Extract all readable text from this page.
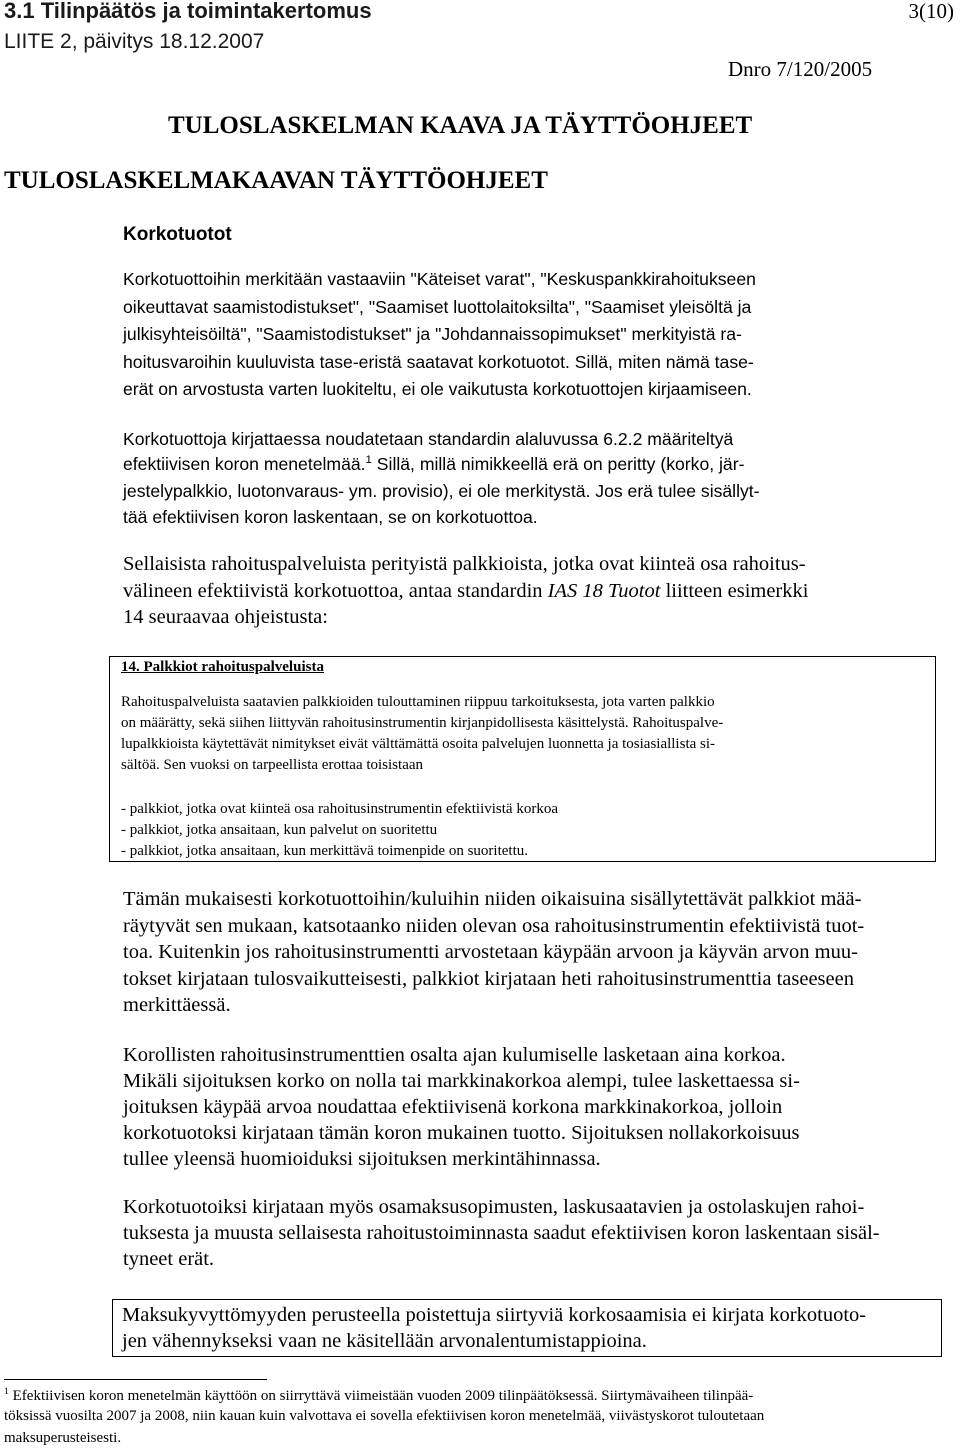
3.1 Tilinpäätös ja toimintakertomus
LIITE 2, päivitys 18.12.2007
3(10)
Dnro 7/120/2005
TULOSLASKELMAN KAAVA JA TÄYTTÖOHJEET
TULOSLASKELMAKAAVAN TÄYTTÖOHJEET
Korkotuotot
Korkotuottoihin merkitään vastaaviin "Käteiset varat", "Keskuspankkirahoitukseen
oikeuttavat saamistodistukset", "Saamiset luottolaitoksilta", "Saamiset yleisöltä ja
julkisyhteisöiltä", "Saamistodistukset" ja "Johdannaissopimukset" merkityistä ra-
hoitusvaroihin kuuluvista tase-eristä saatavat korkotuotot. Sillä, miten nämä tase-
erät on arvostusta varten luokiteltu, ei ole vaikutusta korkotuottojen kirjaamiseen.
Korkotuottoja kirjattaessa noudatetaan standardin alaluvussa 6.2.2 määriteltyä
efektiivisen koron menetelmää.$^1$ Sillä, millä nimikkeellä erä on peritty (korko, jär-
jestelypalkkio, luotonvaraus- ym. provisio), ei ole merkitystä. Jos erä tulee sisällyt-
tää efektiivisen koron laskentaan, se on korkotuottoa.
Sellaisista rahoituspalveluista perityistä palkkioista, jotka ovat kiinteä osa rahoitus-
välineen efektiivistä korkotuottoa, antaa standardin IAS 18 Tuotot liitteen esimerkki
14 seuraavaa ohjeistusta:
14. Palkkiot rahoituspalveluista
Rahoituspalveluista saatavien palkkioiden tulouttaminen riippuu tarkoituksesta, jota varten palkkio
on määrätty, sekä siihen liittyvän rahoitusinstrumentin kirjanpidollisesta käsittelystä. Rahoituspalve-
lupalkkioista käytettävät nimitykset eivät välttämättä osoita palvelujen luonnetta ja tosiasiallista si-
sältöä. Sen vuoksi on tarpeellista erottaa toisistaan
- palkkiot, jotka ovat kiinteä osa rahoitusinstrumentin efektiivistä korkoa
- palkkiot, jotka ansaitaan, kun palvelut on suoritettu
- palkkiot, jotka ansaitaan, kun merkittävä toimenpide on suoritettu.
Tämän mukaisesti korkotuottoihin/kuluihin niiden oikaisuina sisällytettävät palkkiot mää-
räytyvät sen mukaan, katsotaanko niiden olevan osa rahoitusinstrumentin efektiivistä tuot-
toa. Kuitenkin jos rahoitusinstrumentti arvostetaan käypään arvoon ja käyvän arvon muu-
tokset kirjataan tulosvaikutteisesti, palkkiot kirjataan heti rahoitusinstrumenttia taseeseen
merkittäessä.
Korollisten rahoitusinstrumenttien osalta ajan kulumiselle lasketaan aina korkoa.
Mikäli sijoituksen korko on nolla tai markkinakorkoa alempi, tulee laskettaessa si-
joituksen käypää arvoa noudattaa efektiivisenä korkona markkinakorkoa, jolloin
korkotuotoksi kirjataan tämän koron mukainen tuotto. Sijoituksen nollakorkoisuus
tullee yleensä huomioiduksi sijoituksen merkintähinnassa.
Korkotuotoiksi kirjataan myös osamaksusopimusten, laskusaatavien ja ostolaskujen rahoi-
tuksesta ja muusta sellaisesta rahoitustoiminnasta saadut efektiivisen koron laskentaan sisäl-
tyneet erät.
Maksukyvyttömyyden perusteella poistettuja siirtyviä korkosaamisia ei kirjata korkotuoto-
jen vähennykseksi vaan ne käsitellään arvonalentumistappioina.
$^1$ Efektiivisen koron menetelmän käyttöön on siirryttävä viimeistään vuoden 2009 tilinpäätöksessä. Siirtymävaiheen tilinpää-
töksissä vuosilta 2007 ja 2008, niin kauan kuin valvottava ei sovella efektiivisen koron menetelmää, viivästyskorot tuloutetaan
maksuperusteisesti.
